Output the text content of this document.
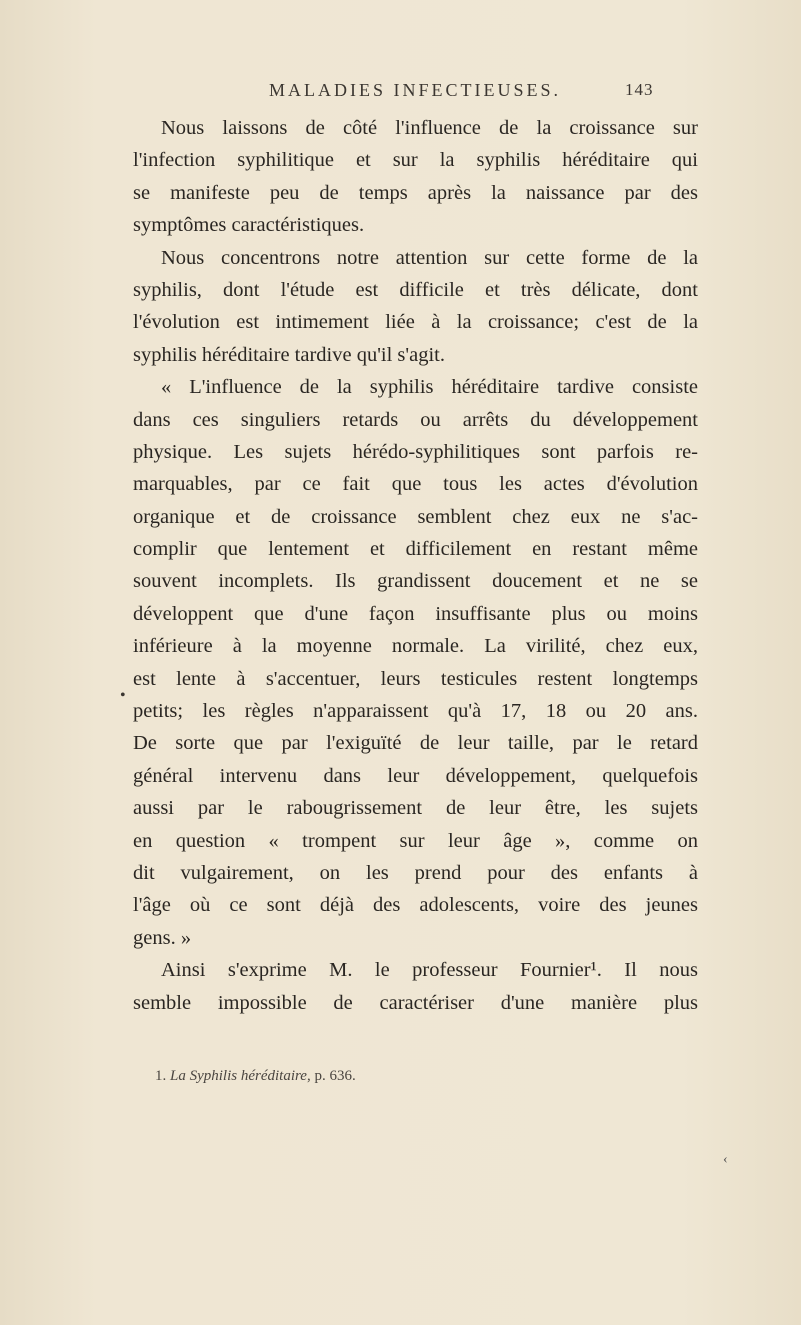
MALADIES INFECTIEUSES.	143
•
Nous laissons de côté l'influence de la croissance sur
l'infection syphilitique et sur la syphilis héréditaire qui
se manifeste peu de temps après la naissance par des
symptômes caractéristiques.
Nous concentrons notre attention sur cette forme de la
syphilis, dont l'étude est difficile et très délicate, dont
l'évolution est intimement liée à la croissance; c'est de la
syphilis héréditaire tardive qu'il s'agit.
« L'influence de la syphilis héréditaire tardive consiste
dans ces singuliers retards ou arrêts du développement
physique. Les sujets hérédo-syphilitiques sont parfois re-
marquables, par ce fait que tous les actes d'évolution
organique et de croissance semblent chez eux ne s'ac-
complir que lentement et difficilement en restant même
souvent incomplets. Ils grandissent doucement et ne se
développent que d'une façon insuffisante plus ou moins
inférieure à la moyenne normale. La virilité, chez eux,
est lente à s'accentuer, leurs testicules restent longtemps
petits; les règles n'apparaissent qu'à 17, 18 ou 20 ans.
De sorte que par l'exiguïté de leur taille, par le retard
général intervenu dans leur développement, quelquefois
aussi par le rabougrissement de leur être, les sujets
en question « trompent sur leur âge », comme on
dit vulgairement, on les prend pour des enfants à
l'âge où ce sont déjà des adolescents, voire des jeunes
gens. »
Ainsi s'exprime M. le professeur Fournier¹. Il nous
semble impossible de caractériser d'une manière plus
1. La Syphilis héréditaire, p. 636.
‹
